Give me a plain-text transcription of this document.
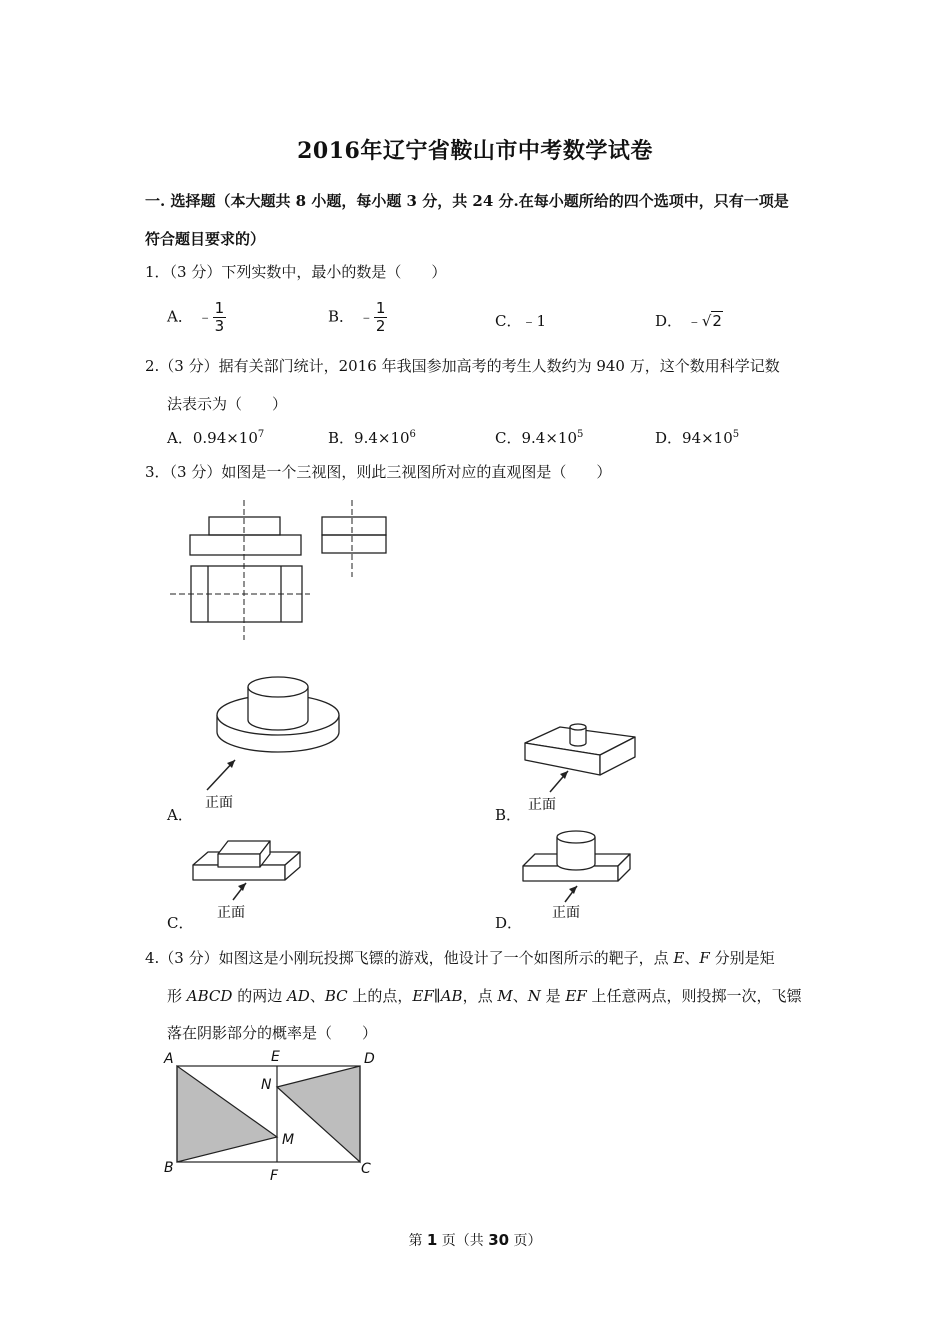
2016年辽宁省鞍山市中考数学试卷
一. 选择题（本大题共 8 小题，每小题 3 分，共 24 分.在每小题所给的四个选项中，只有一项是
符合题目要求的）
1．（3 分）下列实数中，最小的数是（　　）
A． ﹣ $\frac{1}{3}$	B． ﹣ $\frac{1}{2}$	C．﹣1	D． ﹣√2
2.（3 分）据有关部门统计，2016 年我国参加高考的考生人数约为 940 万，这个数用科学记数
法表示为（　　）
A．$0.94\times 10^7$	B．$9.4\times 10^6$	C．$9.4\times 10^5$	D．$94\times 10^5$
3．（3 分）如图是一个三视图，则此三视图所对应的直观图是（　　）
A．
正面
B．
正面
C．
正面
D．
正面
4.（3 分）如图这是小刚玩投掷飞镖的游戏，他设计了一个如图所示的靶子，点 E、F 分别是矩
形 ABCD 的两边 AD、BC 上的点，EF∥AB，点 M、N 是 EF 上任意两点，则投掷一次，飞镖
落在阴影部分的概率是（　　）
A	E	D
N
M
B	F	C
第 1 页（共 30 页）
